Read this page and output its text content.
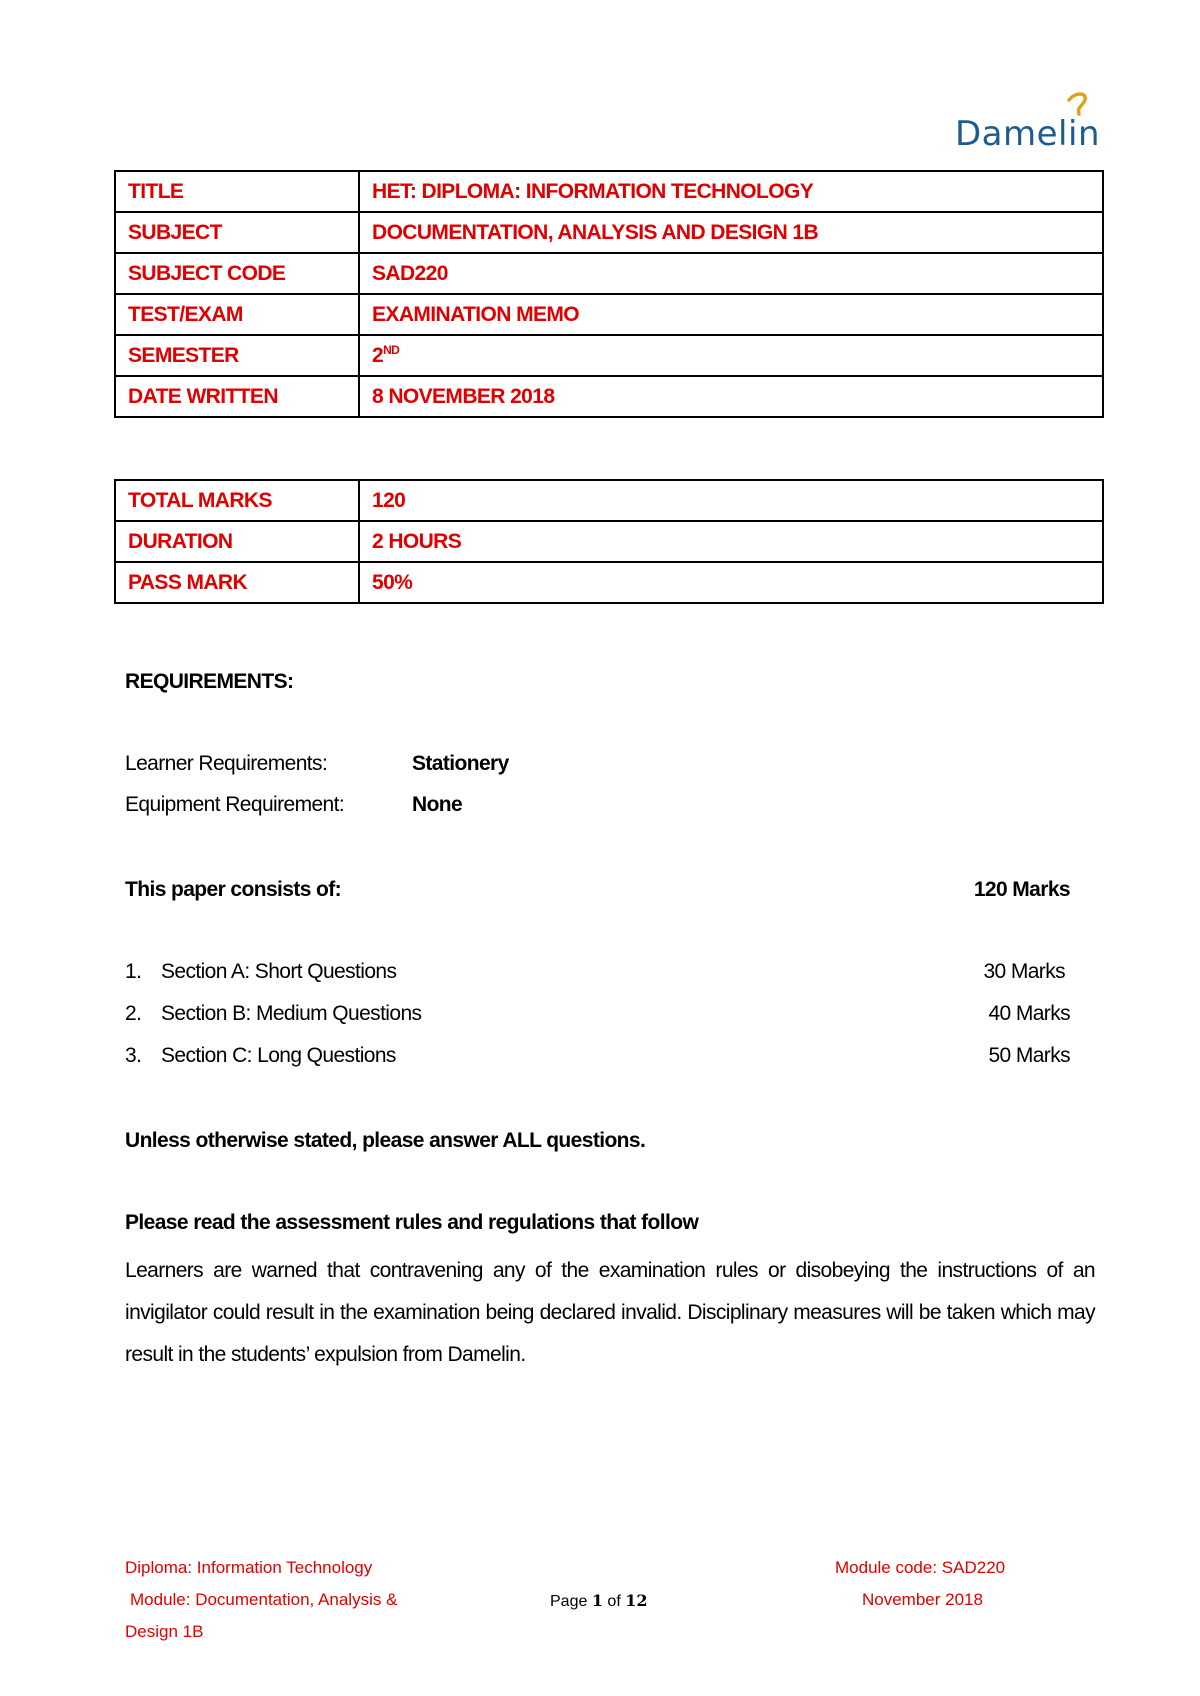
Damelin
TITLE	HET: DIPLOMA: INFORMATION TECHNOLOGY
SUBJECT	DOCUMENTATION, ANALYSIS AND DESIGN 1B
SUBJECT CODE	SAD220
TEST/EXAM	EXAMINATION MEMO
SEMESTER	2ND
DATE WRITTEN	8 NOVEMBER 2018
TOTAL MARKS	120
DURATION	2 HOURS
PASS MARK	50%
REQUIREMENTS:
Learner Requirements:	Stationery
Equipment Requirement:	None
This paper consists of:	120 Marks
1. Section A: Short Questions	30 Marks
2. Section B: Medium Questions	40 Marks
3. Section C: Long Questions	50 Marks
Unless otherwise stated, please answer ALL questions.
Please read the assessment rules and regulations that follow
Learners are warned that contravening any of the examination rules or disobeying the instructions of an invigilator could result in the examination being declared invalid. Disciplinary measures will be taken which may result in the students’ expulsion from Damelin.
Diploma: Information Technology
Module: Documentation, Analysis &
Design 1B
Page 1 of 12
Module code: SAD220
November 2018
